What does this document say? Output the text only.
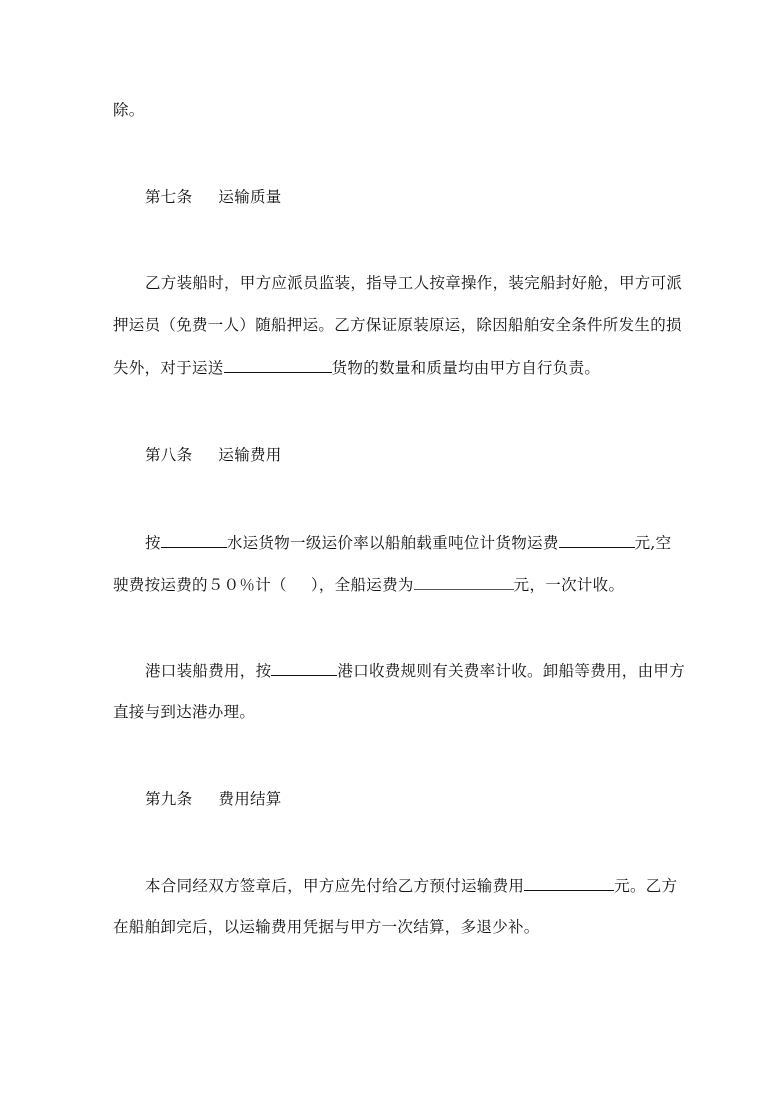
除。
第七条 运输质量
乙方装船时，甲方应派员监装，指导工人按章操作，装完船封好舱，甲方可派
押运员（免费一人）随船押运。乙方保证原装原运，除因船舶安全条件所发生的损
失外，对于运送	货物的数量和质量均由甲方自行负责。
第八条 运输费用
按	水运货物一级运价率以船舶载重吨位计货物运费	元,空
驶费按运费的５０％计（ ），全船运费为	元，一次计收。
港口装船费用，按	港口收费规则有关费率计收。卸船等费用，由甲方
直接与到达港办理。
第九条 费用结算
本合同经双方签章后，甲方应先付给乙方预付运输费用	元。乙方
在船舶卸完后，以运输费用凭据与甲方一次结算，多退少补。
